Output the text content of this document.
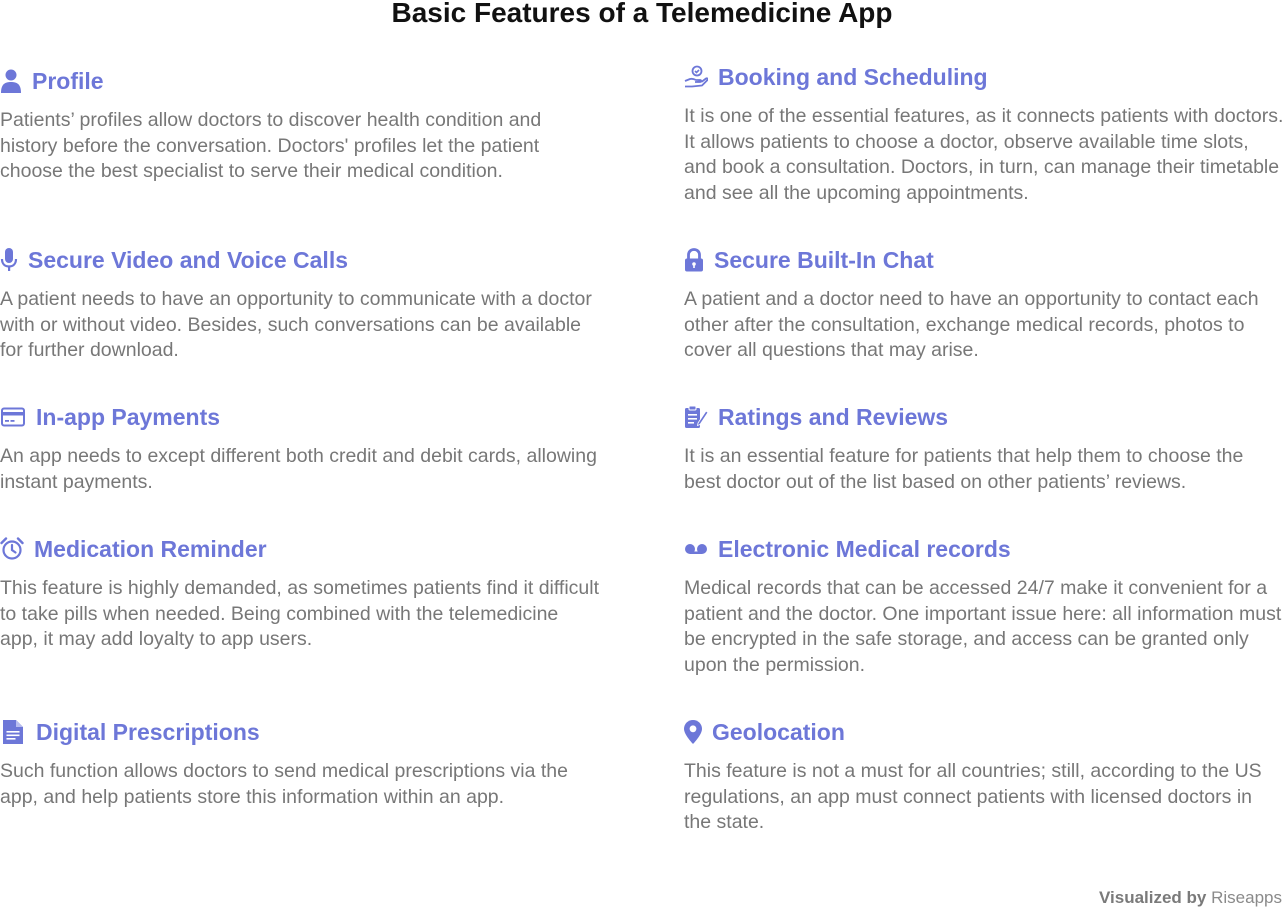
Basic Features of a Telemedicine App
Profile

Patients’ profiles allow doctors to discover health condition and history before the conversation. Doctors' profiles let the patient choose the best specialist to serve their medical condition.

Secure Video and Voice Calls

A patient needs to have an opportunity to communicate with a doctor with or without video. Besides, such conversations can be available for further download.

In-app Payments

An app needs to except different both credit and debit cards, allowing instant payments.

Medication Reminder

This feature is highly demanded, as sometimes patients find it difficult to take pills when needed. Being combined with the telemedicine app, it may add loyalty to app users.

Digital Prescriptions

Such function allows doctors to send medical prescriptions via the app, and help patients store this information within an app.

Booking and Scheduling

It is one of the essential features, as it connects patients with doctors. It allows patients to choose a doctor, observe available time slots, and book a consultation. Doctors, in turn, can manage their timetable and see all the upcoming appointments.

Secure Built-In Chat

A patient and a doctor need to have an opportunity to contact each other after the consultation, exchange medical records, photos to cover all questions that may arise.

Ratings and Reviews

It is an essential feature for patients that help them to choose the best doctor out of the list based on other patients’ reviews.

Electronic Medical records

Medical records that can be accessed 24/7 make it convenient for a patient and the doctor. One important issue here: all information must be encrypted in the safe storage, and access can be granted only upon the permission.

Geolocation

This feature is not a must for all countries; still, according to the US regulations, an app must connect patients with licensed doctors in the state.

Visualized by Riseapps
